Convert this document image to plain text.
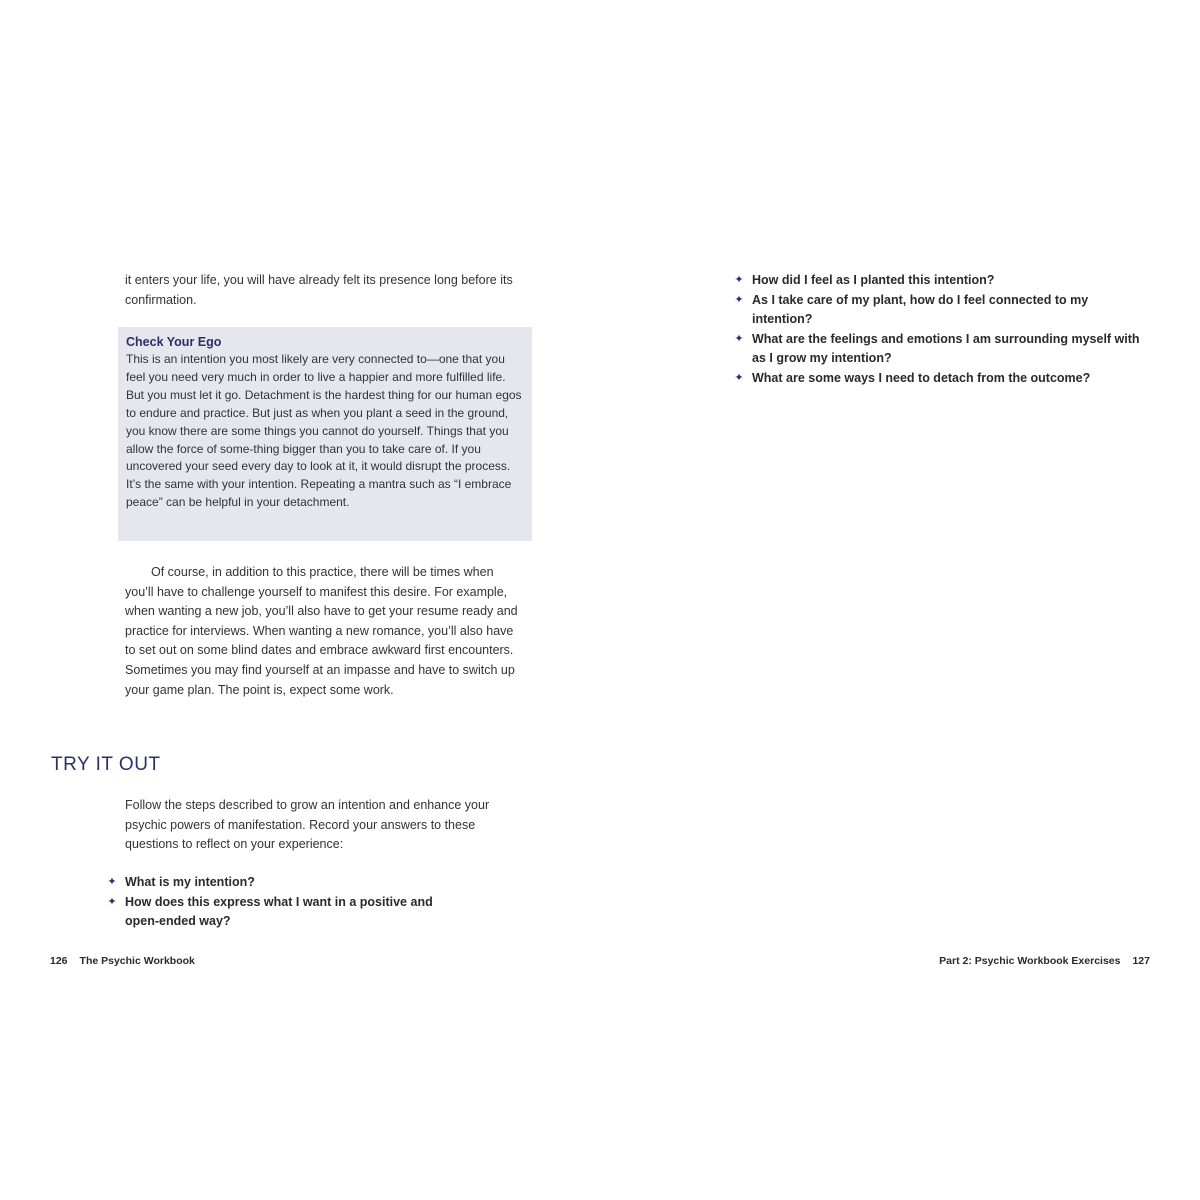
it enters your life, you will have already felt its presence long before its confirmation.

Check Your Ego

This is an intention you most likely are very connected to—one that you feel you need very much in order to live a happier and more fulfilled life. But you must let it go. Detachment is the hardest thing for our human egos to endure and practice. But just as when you plant a seed in the ground, you know there are some things you cannot do yourself. Things that you allow the force of some-thing bigger than you to take care of. If you uncovered your seed every day to look at it, it would disrupt the process. It’s the same with your intention. Repeating a mantra such as “I embrace peace” can be helpful in your detachment.

Of course, in addition to this practice, there will be times when you’ll have to challenge yourself to manifest this desire. For example, when wanting a new job, you’ll also have to get your resume ready and practice for interviews. When wanting a new romance, you’ll also have to set out on some blind dates and embrace awkward first encounters. Sometimes you may find yourself at an impasse and have to switch up your game plan. The point is, expect some work.

TRY IT OUT

Follow the steps described to grow an intention and enhance your psychic powers of manifestation. Record your answers to these questions to reflect on your experience:

✦ What is my intention?
✦ How does this express what I want in a positive and open-ended way?
126 The Psychic Workbook	Part 2: Psychic Workbook Exercises 127
✦ How did I feel as I planted this intention?
✦ As I take care of my plant, how do I feel connected to my intention?
✦ What are the feelings and emotions I am surrounding myself with as I grow my intention?
✦ What are some ways I need to detach from the outcome?
